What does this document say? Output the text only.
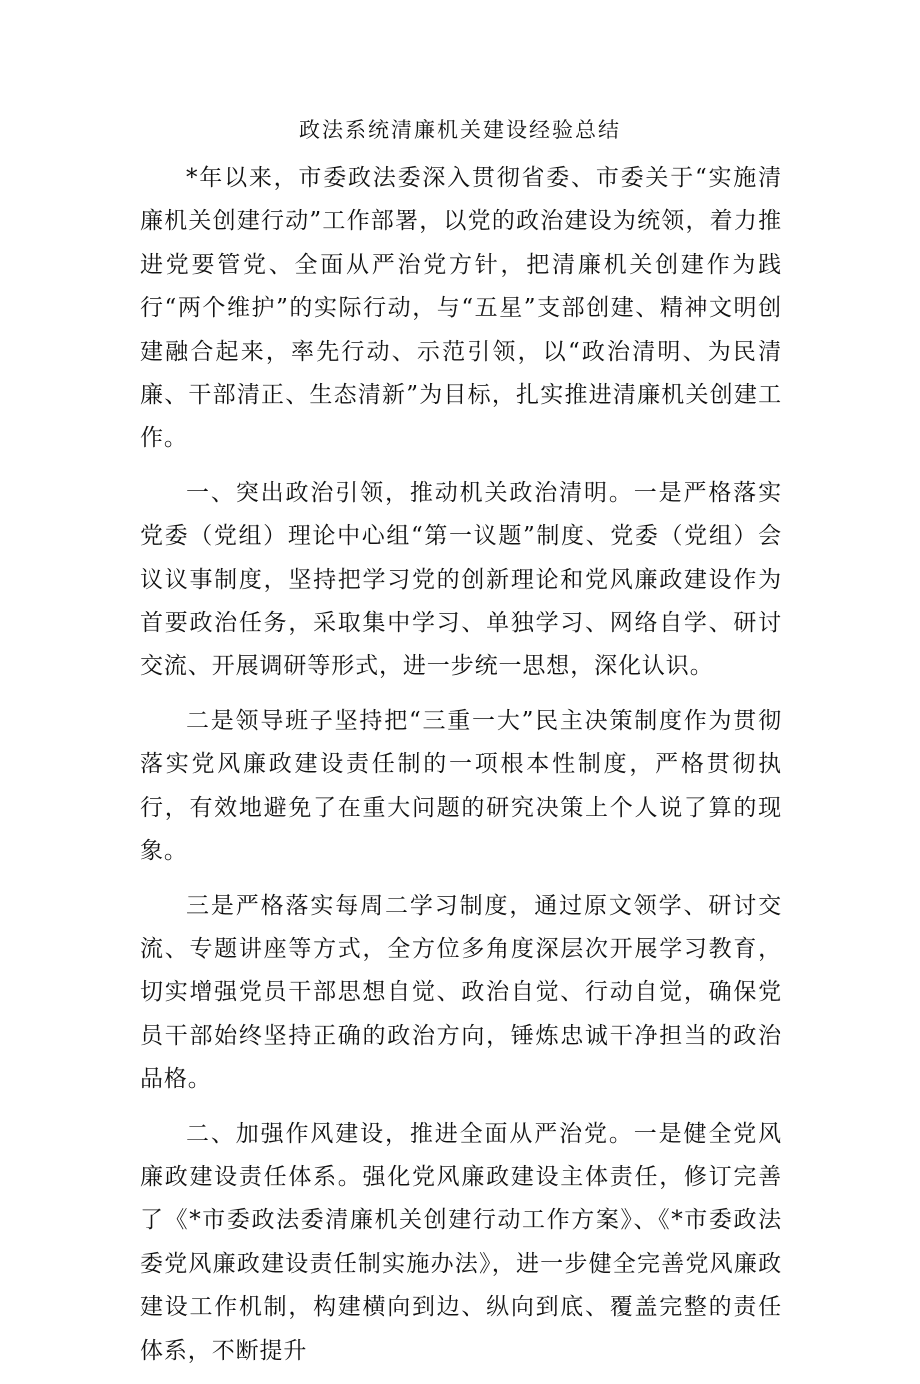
政法系统清廉机关建设经验总结

*年以来，市委政法委深入贯彻省委、市委关于“实施清廉机关创建行动”工作部署，以党的政治建设为统领，着力推进党要管党、全面从严治党方针，把清廉机关创建作为践行“两个维护”的实际行动，与“五星”支部创建、精神文明创建融合起来，率先行动、示范引领，以“政治清明、为民清廉、干部清正、生态清新”为目标，扎实推进清廉机关创建工作。

一、突出政治引领，推动机关政治清明。一是严格落实党委（党组）理论中心组“第一议题”制度、党委（党组）会议议事制度，坚持把学习党的创新理论和党风廉政建设作为首要政治任务，采取集中学习、单独学习、网络自学、研讨交流、开展调研等形式，进一步统一思想，深化认识。

二是领导班子坚持把“三重一大”民主决策制度作为贯彻落实党风廉政建设责任制的一项根本性制度，严格贯彻执行，有效地避免了在重大问题的研究决策上个人说了算的现象。

三是严格落实每周二学习制度，通过原文领学、研讨交流、专题讲座等方式，全方位多角度深层次开展学习教育，切实增强党员干部思想自觉、政治自觉、行动自觉，确保党员干部始终坚持正确的政治方向，锤炼忠诚干净担当的政治品格。

二、加强作风建设，推进全面从严治党。一是健全党风廉政建设责任体系。强化党风廉政建设主体责任，修订完善了《*市委政法委清廉机关创建行动工作方案》、《*市委政法委党风廉政建设责任制实施办法》，进一步健全完善党风廉政建设工作机制，构建横向到边、纵向到底、覆盖完整的责任体系，不断提升
